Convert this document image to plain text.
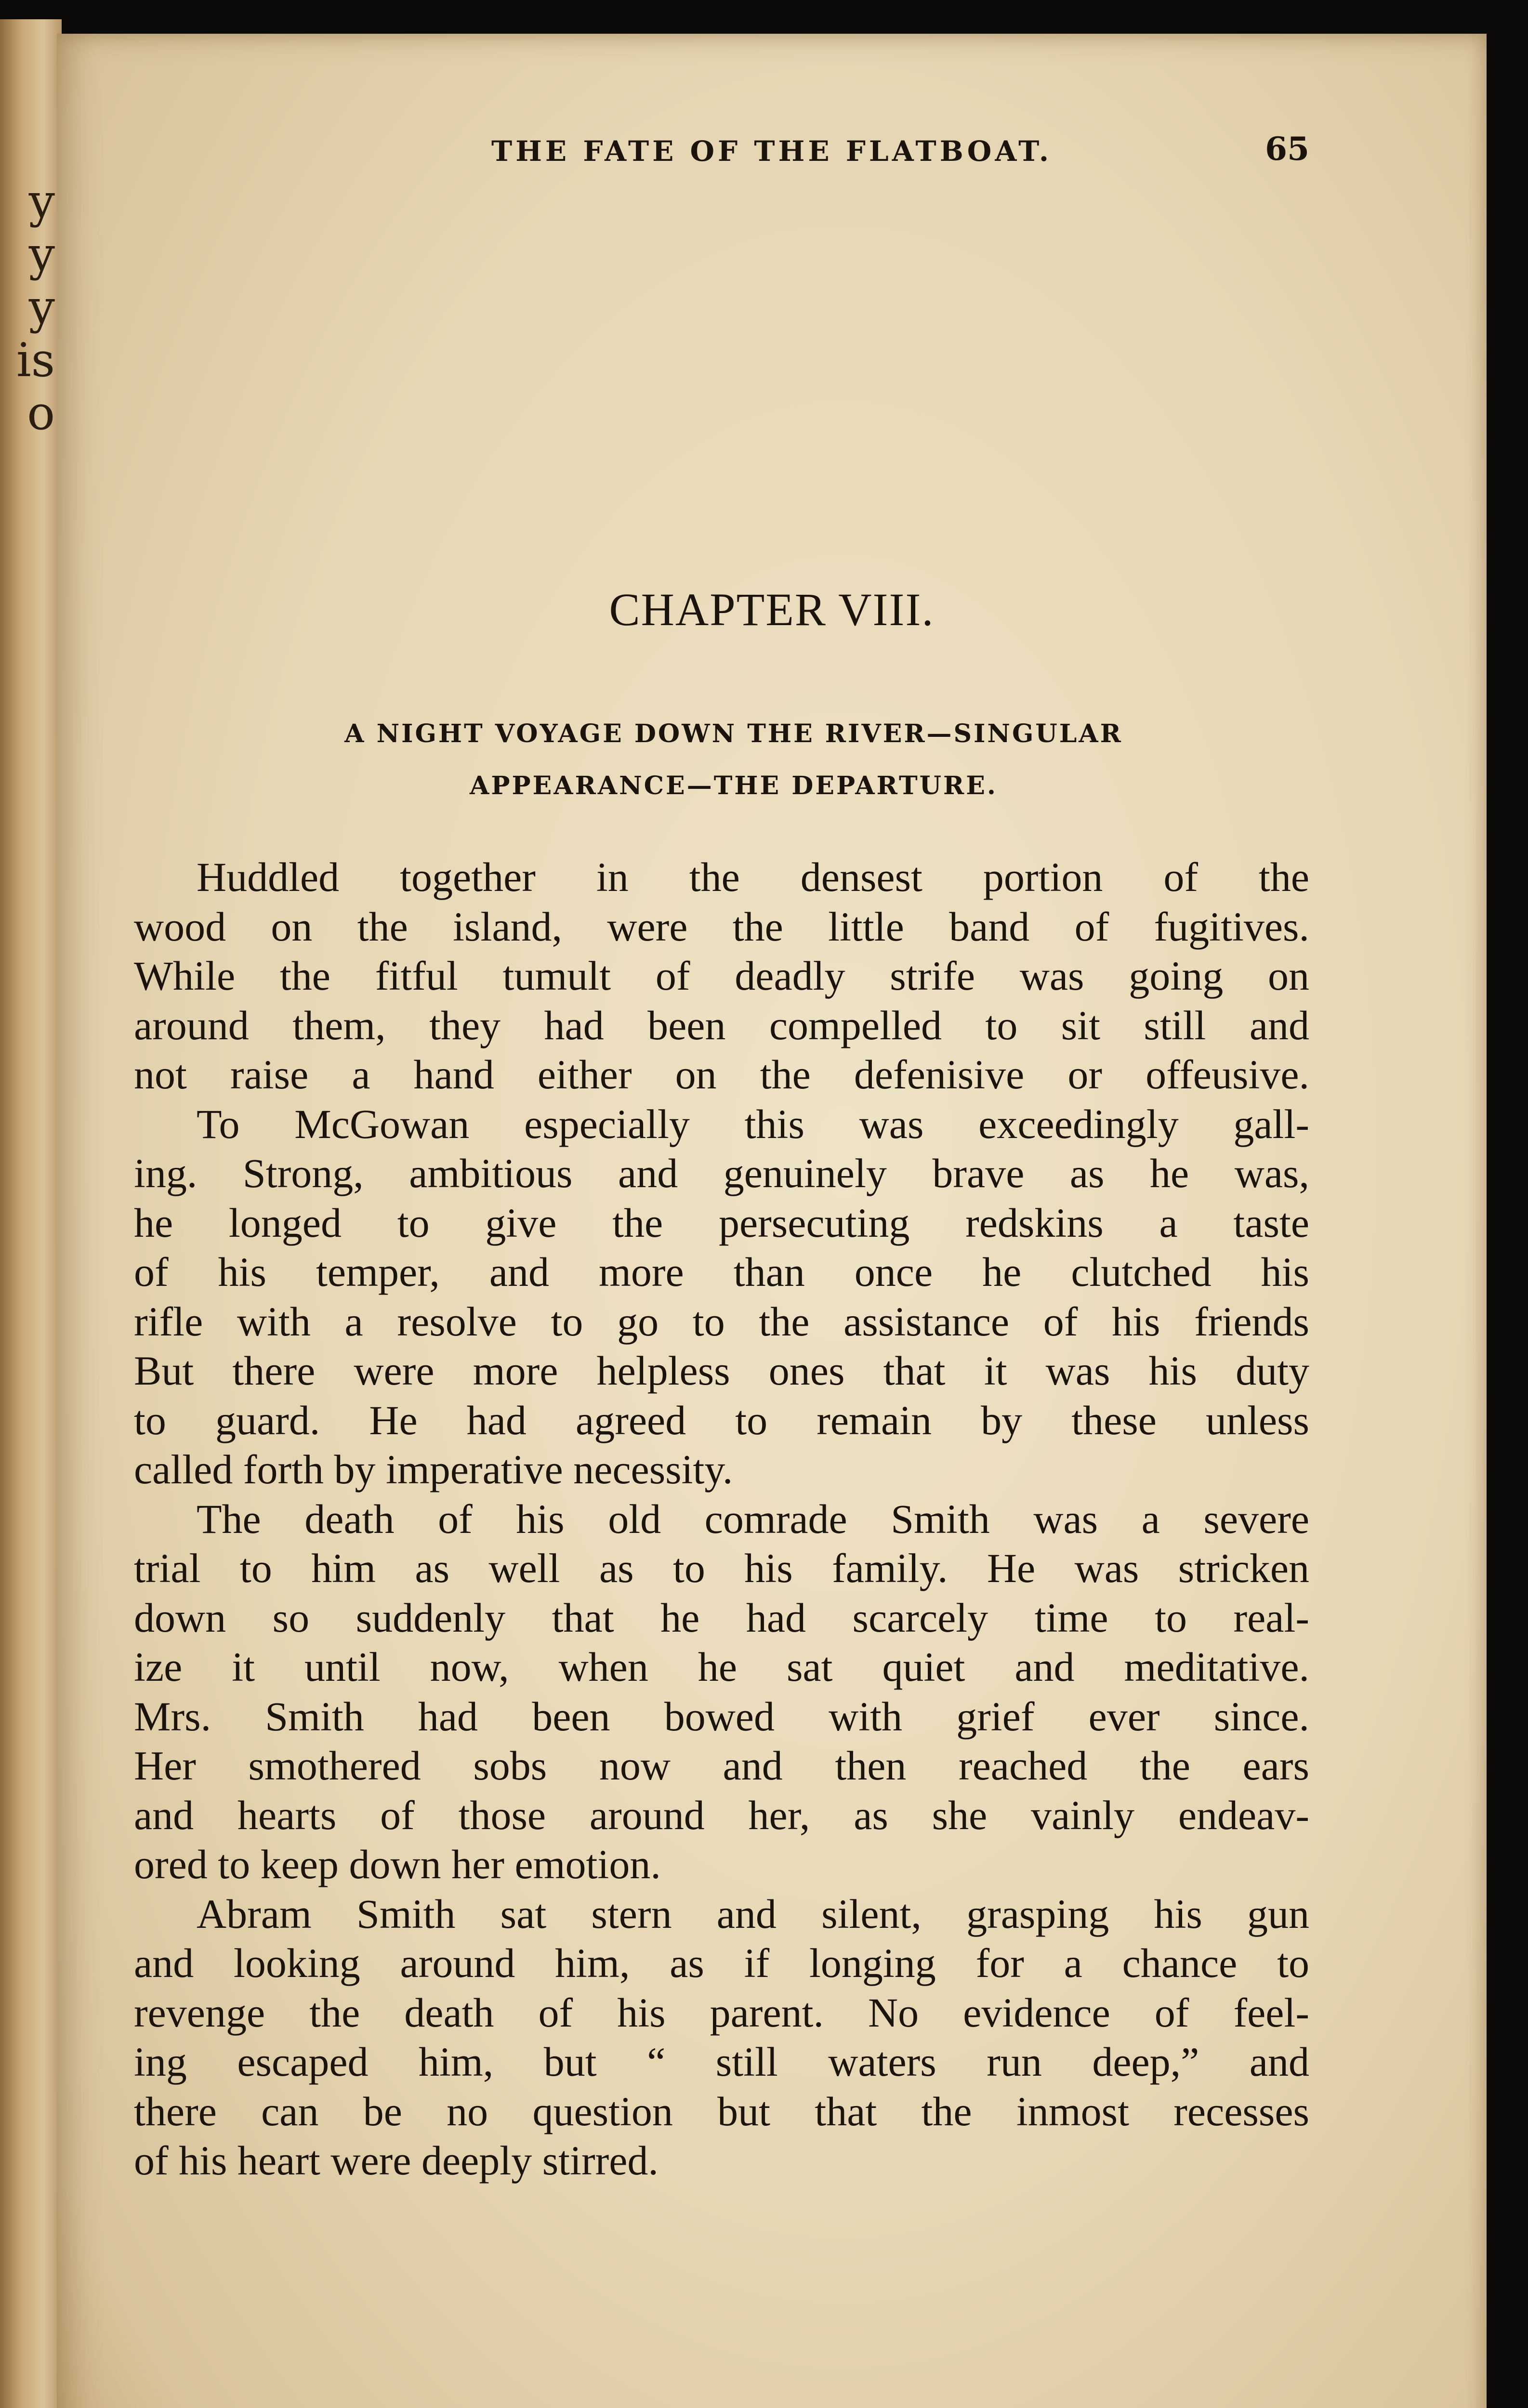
y
y
y
is
o
THE FATE OF THE FLATBOAT.	65
CHAPTER VIII.
A NIGHT VOYAGE DOWN THE RIVER—SINGULAR
APPEARANCE—THE DEPARTURE.
Huddled together in the densest portion of the
wood on the island, were the little band of fugitives.
While the fitful tumult of deadly strife was going on
around them, they had been compelled to sit still and
not raise a hand either on the defenisive or offeusive.
To McGowan especially this was exceedingly gall-
ing. Strong, ambitious and genuinely brave as he was,
he longed to give the persecuting redskins a taste
of his temper, and more than once he clutched his
rifle with a resolve to go to the assistance of his friends
But there were more helpless ones that it was his duty
to guard. He had agreed to remain by these unless
called forth by imperative necessity.
The death of his old comrade Smith was a severe
trial to him as well as to his family. He was stricken
down so suddenly that he had scarcely time to real-
ize it until now, when he sat quiet and meditative.
Mrs. Smith had been bowed with grief ever since.
Her smothered sobs now and then reached the ears
and hearts of those around her, as she vainly endeav-
ored to keep down her emotion.
Abram Smith sat stern and silent, grasping his gun
and looking around him, as if longing for a chance to
revenge the death of his parent. No evidence of feel-
ing escaped him, but “ still waters run deep,” and
there can be no question but that the inmost recesses
of his heart were deeply stirred.
